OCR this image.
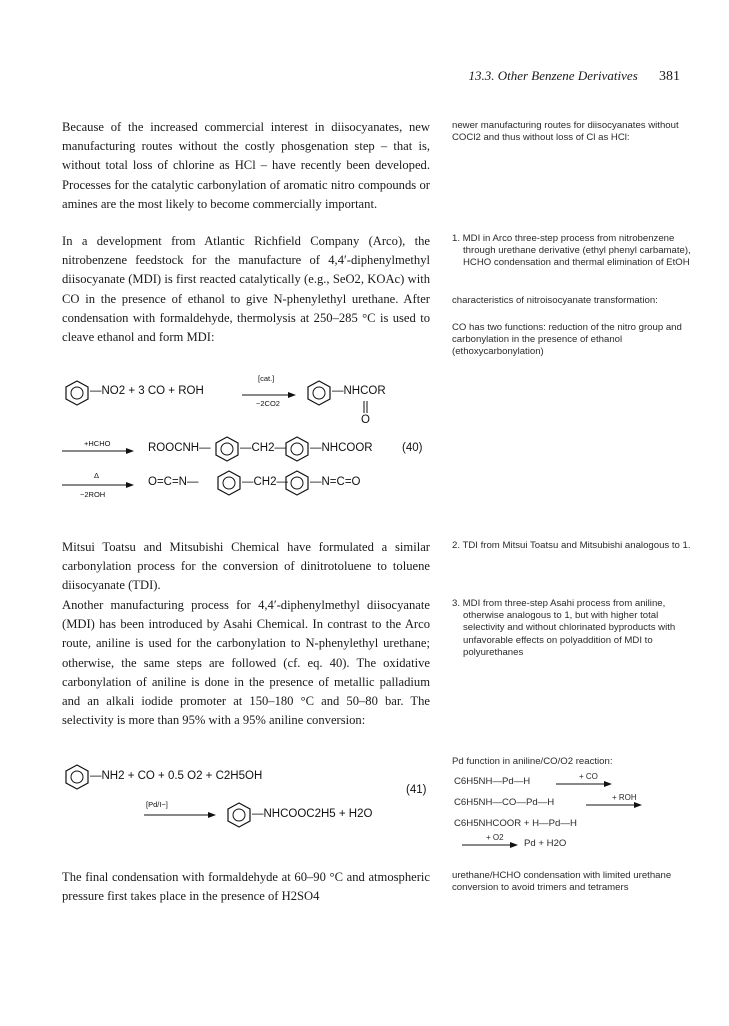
13.3. Other Benzene Derivatives 381

Because of the increased commercial interest in diisocyanates, new manufacturing routes without the costly phosgenation step – that is, without total loss of chlorine as HCl – have recently been developed. Processes for the catalytic carbonylation of aromatic nitro compounds or amines are the most likely to become commercially important.

In a development from Atlantic Richfield Company (Arco), the nitrobenzene feedstock for the manufacture of 4,4′-diphenylmethyl diisocyanate (MDI) is first reacted catalytically (e.g., SeO2, KOAc) with CO in the presence of ethanol to give N-phenylethyl urethane. After condensation with formaldehyde, thermolysis at 250–285 °C is used to cleave ethanol and form MDI:

—NO2 + 3 CO + ROH
[cat.]
−2CO2
—NHCOR
O
+HCHO	ROOCNH—	—CH2— —NHCOOR	(40)
Δ
−2ROH
O=C=N—	—CH2— —N=C=O

Mitsui Toatsu and Mitsubishi Chemical have formulated a similar carbonylation process for the conversion of dinitrotoluene to toluene diisocyanate (TDI).

Another manufacturing process for 4,4′-diphenylmethyl diisocyanate (MDI) has been introduced by Asahi Chemical. In contrast to the Arco route, aniline is used for the carbonylation to N-phenylethyl urethane; otherwise, the same steps are followed (cf. eq. 40). The oxidative carbonylation of aniline is done in the presence of metallic palladium and an alkali iodide promoter at 150–180 °C and 50–80 bar. The selectivity is more than 95% with a 95% aniline conversion:

—NH2 + CO + 0.5 O2 + C2H5OH
(41)
[Pd/I−]
—NHCOOC2H5 + H2O

The final condensation with formaldehyde at 60–90 °C and atmospheric pressure first takes place in the presence of H2SO4

newer manufacturing routes for diisocyanates without COCl2 and thus without loss of Cl as HCl:

1. MDI in Arco three-step process from nitrobenzene through urethane derivative (ethyl phenyl carbamate), HCHO condensation and thermal elimination of EtOH

characteristics of nitroisocyanate transformation:

CO has two functions: reduction of the nitro group and carbonylation in the presence of ethanol (ethoxycarbonylation)

2. TDI from Mitsui Toatsu and Mitsubishi analogous to 1.

3. MDI from three-step Asahi process from aniline, otherwise analogous to 1, but with higher total selectivity and without chlorinated byproducts with unfavorable effects on polyaddition of MDI to polyurethanes

Pd function in aniline/CO/O2 reaction:

C6H5NH—Pd—H	+ CO
C6H5NH—CO—Pd—H	+ ROH
C6H5NHCOOR + H—Pd—H
+ O2
Pd + H2O

urethane/HCHO condensation with limited urethane conversion to avoid trimers and tetramers
